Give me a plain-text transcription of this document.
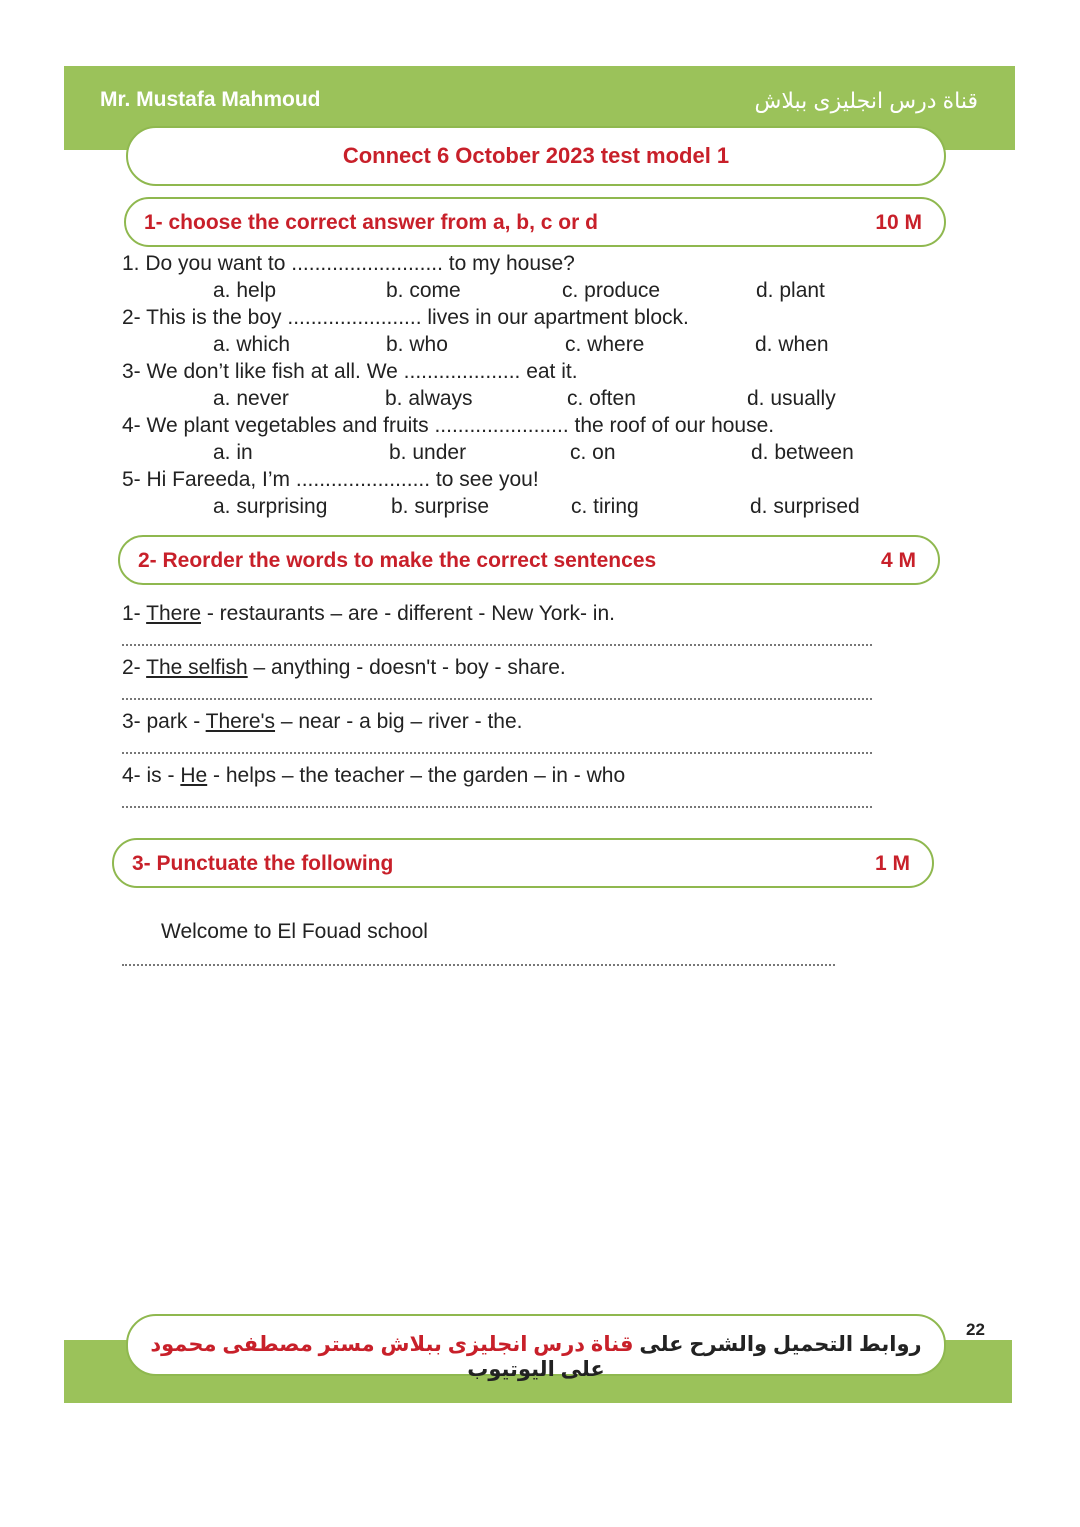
Mr. Mustafa Mahmoud	قناة درس انجليزى ببلاش
Connect 6 October 2023 test model 1
1- choose the correct answer from a, b, c or d	10 M
1. Do you want to .......................... to my house?
a. help	b. come	c. produce	d. plant
2- This is the boy ....................... lives in our apartment block.
a. which	b. who	c. where	d. when
3- We don’t like fish at all. We .................... eat it.
a. never	b. always	c. often	d. usually
4- We plant vegetables and fruits ....................... the roof of our house.
a. in	b. under	c. on	d. between
5- Hi Fareeda, I’m ....................... to see you!
a. surprising	b. surprise	c. tiring	d. surprised
2- Reorder the words to make the correct sentences	4 M
1- There - restaurants – are - different - New York- in.
2- The selfish – anything - doesn't - boy - share.
3- park - There's – near - a big – river - the.
4- is - He - helps – the teacher – the garden – in - who
3- Punctuate the following	1 M
Welcome to El Fouad school
روابط التحميل والشرح على قناة درس انجليزى ببلاش مستر مصطفى محمود على اليوتيوب
22
